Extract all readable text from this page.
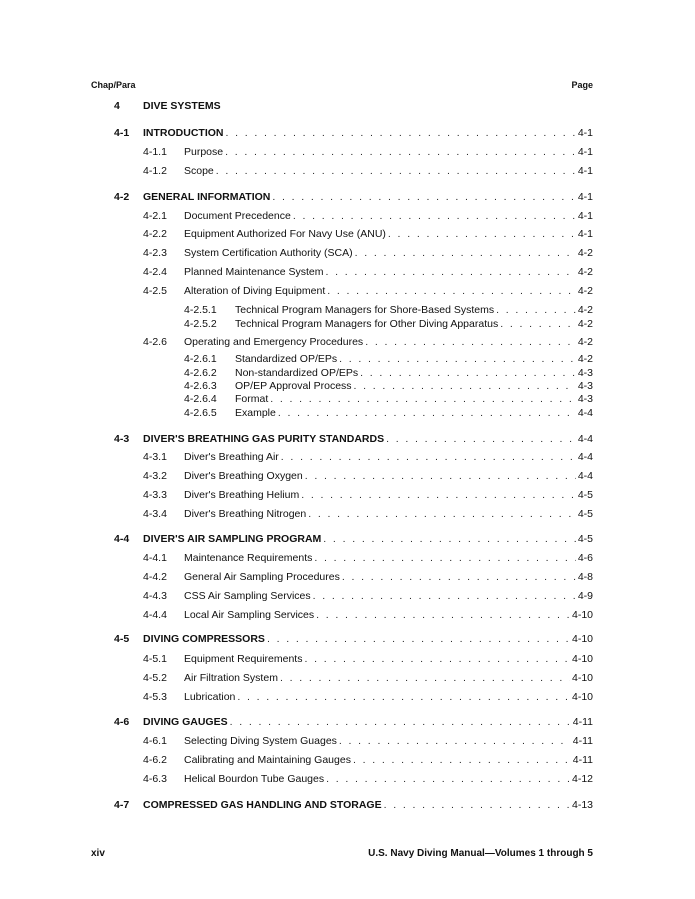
Chap/Para	Page
4 DIVE SYSTEMS
4-1 INTRODUCTION . . .	4-1
4-1.1 Purpose . . .	4-1
4-1.2 Scope . . .	4-1
4-2 GENERAL INFORMATION . . .	4-1
4-2.1 Document Precedence . . .	4-1
4-2.2 Equipment Authorized For Navy Use (ANU) . . .	4-1
4-2.3 System Certification Authority (SCA) . . .	4-2
4-2.4 Planned Maintenance System . . .	4-2
4-2.5 Alteration of Diving Equipment . . .	4-2
4-2.5.1 Technical Program Managers for Shore-Based Systems . . .	4-2
4-2.5.2 Technical Program Managers for Other Diving Apparatus . . .	4-2
4-2.6 Operating and Emergency Procedures . . .	4-2
4-2.6.1 Standardized OP/EPs . . .	4-2
4-2.6.2 Non-standardized OP/EPs . . .	4-3
4-2.6.3 OP/EP Approval Process . . .	4-3
4-2.6.4 Format . . .	4-3
4-2.6.5 Example . . .	4-4
4-3 DIVER'S BREATHING GAS PURITY STANDARDS . . .	4-4
4-3.1 Diver's Breathing Air . . .	4-4
4-3.2 Diver's Breathing Oxygen . . .	4-4
4-3.3 Diver's Breathing Helium . . .	4-5
4-3.4 Diver's Breathing Nitrogen . . .	4-5
4-4 DIVER'S AIR SAMPLING PROGRAM . . .	4-5
4-4.1 Maintenance Requirements . . .	4-6
4-4.2 General Air Sampling Procedures . . .	4-8
4-4.3 CSS Air Sampling Services . . .	4-9
4-4.4 Local Air Sampling Services . . .	4-10
4-5 DIVING COMPRESSORS . . .	4-10
4-5.1 Equipment Requirements . . .	4-10
4-5.2 Air Filtration System . . .	4-10
4-5.3 Lubrication . . .	4-10
4-6 DIVING GAUGES . . .	4-11
4-6.1 Selecting Diving System Guages . . .	4-11
4-6.2 Calibrating and Maintaining Gauges . . .	4-11
4-6.3 Helical Bourdon Tube Gauges . . .	4-12
4-7 COMPRESSED GAS HANDLING AND STORAGE . . .	4-13
xiv	U.S. Navy Diving Manual—Volumes 1 through 5
